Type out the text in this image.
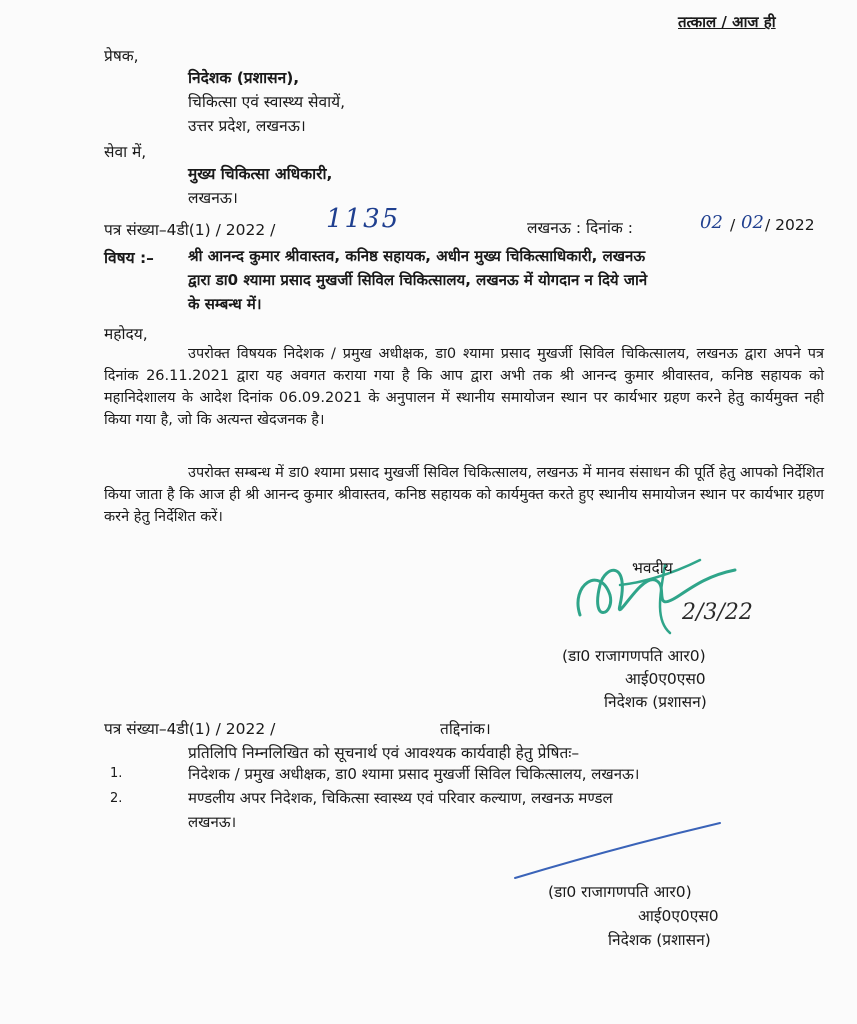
तत्काल / आज ही
प्रेषक,
निदेशक (प्रशासन),
चिकित्सा एवं स्वास्थ्य सेवायें,
उत्तर प्रदेश, लखनऊ।
सेवा में,
मुख्य चिकित्सा अधिकारी,
लखनऊ।
पत्र संख्या–4डी(1) / 2022 / 1135	लखनऊ : दिनांक :	02 / 02 / 2022
विषय :– श्री आनन्द कुमार श्रीवास्तव, कनिष्ठ सहायक, अधीन मुख्य चिकित्साधिकारी, लखनऊ
द्वारा डा0 श्यामा प्रसाद मुखर्जी सिविल चिकित्सालय, लखनऊ में योगदान न दिये जाने
के सम्बन्ध में।
महोदय,
उपरोक्त विषयक निदेशक / प्रमुख अधीक्षक, डा0 श्यामा प्रसाद मुखर्जी सिविल चिकित्सालय, लखनऊ द्वारा अपने पत्र दिनांक 26.11.2021 द्वारा यह अवगत कराया गया है कि आप द्वारा अभी तक श्री आनन्द कुमार श्रीवास्तव, कनिष्ठ सहायक को महानिदेशालय के आदेश दिनांक 06.09.2021 के अनुपालन में स्थानीय समायोजन स्थान पर कार्यभार ग्रहण करने हेतु कार्यमुक्त नही किया गया है, जो कि अत्यन्त खेदजनक है।
उपरोक्त सम्बन्ध में डा0 श्यामा प्रसाद मुखर्जी सिविल चिकित्सालय, लखनऊ में मानव संसाधन की पूर्ति हेतु आपको निर्देशित किया जाता है कि आज ही श्री आनन्द कुमार श्रीवास्तव, कनिष्ठ सहायक को कार्यमुक्त करते हुए स्थानीय समायोजन स्थान पर कार्यभार ग्रहण करने हेतु निर्देशित करें।
भवदीय
2/3/22
(डा0 राजागणपति आर0)
आई0ए0एस0
निदेशक (प्रशासन)
पत्र संख्या–4डी(1) / 2022 /	तद्दिनांक।
प्रतिलिपि निम्नलिखित को सूचनार्थ एवं आवश्यक कार्यवाही हेतु प्रेषितः–
1.	निदेशक / प्रमुख अधीक्षक, डा0 श्यामा प्रसाद मुखर्जी सिविल चिकित्सालय, लखनऊ।
2.	मण्डलीय अपर निदेशक, चिकित्सा स्वास्थ्य एवं परिवार कल्याण, लखनऊ मण्डल
लखनऊ।
(डा0 राजागणपति आर0)
आई0ए0एस0
निदेशक (प्रशासन)
